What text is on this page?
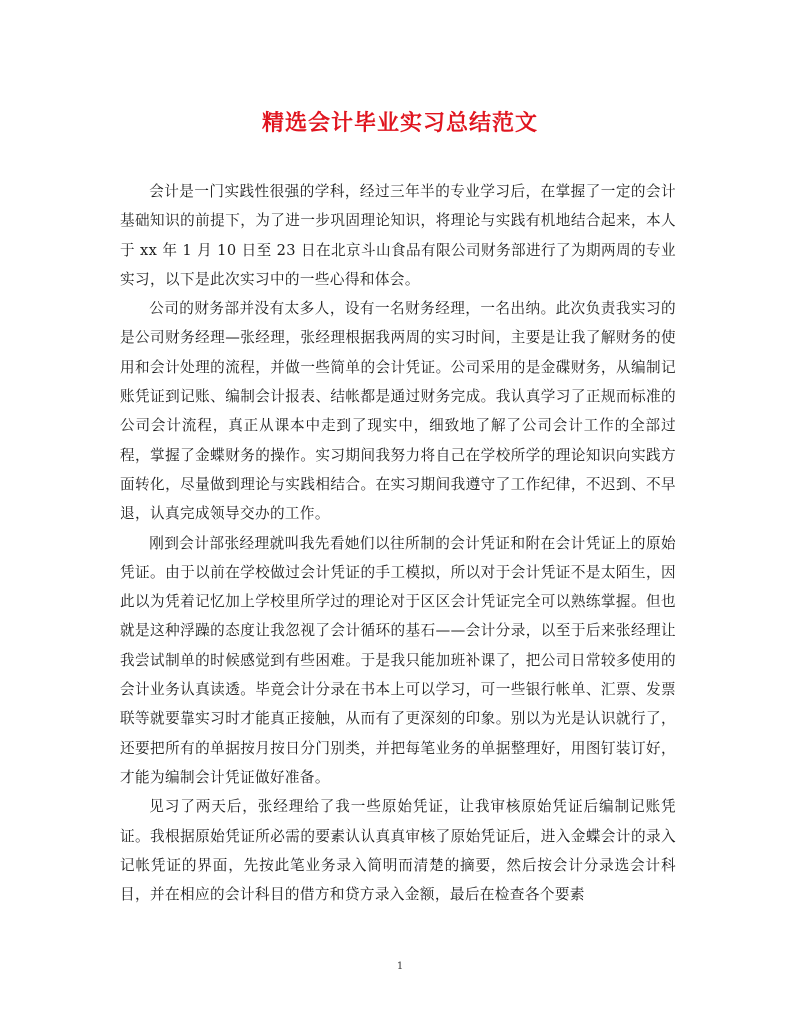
精选会计毕业实习总结范文

会计是一门实践性很强的学科，经过三年半的专业学习后，在掌握了一定的会计基础知识的前提下，为了进一步巩固理论知识，将理论与实践有机地结合起来，本人于 xx 年 1 月 10 日至 23 日在北京斗山食品有限公司财务部进行了为期两周的专业实习，以下是此次实习中的一些心得和体会。

公司的财务部并没有太多人，设有一名财务经理，一名出纳。此次负责我实习的是公司财务经理—张经理，张经理根据我两周的实习时间，主要是让我了解财务的使用和会计处理的流程，并做一些简单的会计凭证。公司采用的是金碟财务，从编制记账凭证到记账、编制会计报表、结帐都是通过财务完成。我认真学习了正规而标准的公司会计流程，真正从课本中走到了现实中，细致地了解了公司会计工作的全部过程，掌握了金蝶财务的操作。实习期间我努力将自己在学校所学的理论知识向实践方面转化，尽量做到理论与实践相结合。在实习期间我遵守了工作纪律，不迟到、不早退，认真完成领导交办的工作。

刚到会计部张经理就叫我先看她们以往所制的会计凭证和附在会计凭证上的原始凭证。由于以前在学校做过会计凭证的手工模拟，所以对于会计凭证不是太陌生，因此以为凭着记忆加上学校里所学过的理论对于区区会计凭证完全可以熟练掌握。但也就是这种浮躁的态度让我忽视了会计循环的基石——会计分录，以至于后来张经理让我尝试制单的时候感觉到有些困难。于是我只能加班补课了，把公司日常较多使用的会计业务认真读透。毕竟会计分录在书本上可以学习，可一些银行帐单、汇票、发票联等就要靠实习时才能真正接触，从而有了更深刻的印象。别以为光是认识就行了，还要把所有的单据按月按日分门别类，并把每笔业务的单据整理好，用图钉装订好，才能为编制会计凭证做好准备。

见习了两天后，张经理给了我一些原始凭证，让我审核原始凭证后编制记账凭证。我根据原始凭证所必需的要素认认真真审核了原始凭证后，进入金蝶会计的录入记帐凭证的界面，先按此笔业务录入简明而清楚的摘要，然后按会计分录选会计科目，并在相应的会计科目的借方和贷方录入金额，最后在检查各个要素

1
